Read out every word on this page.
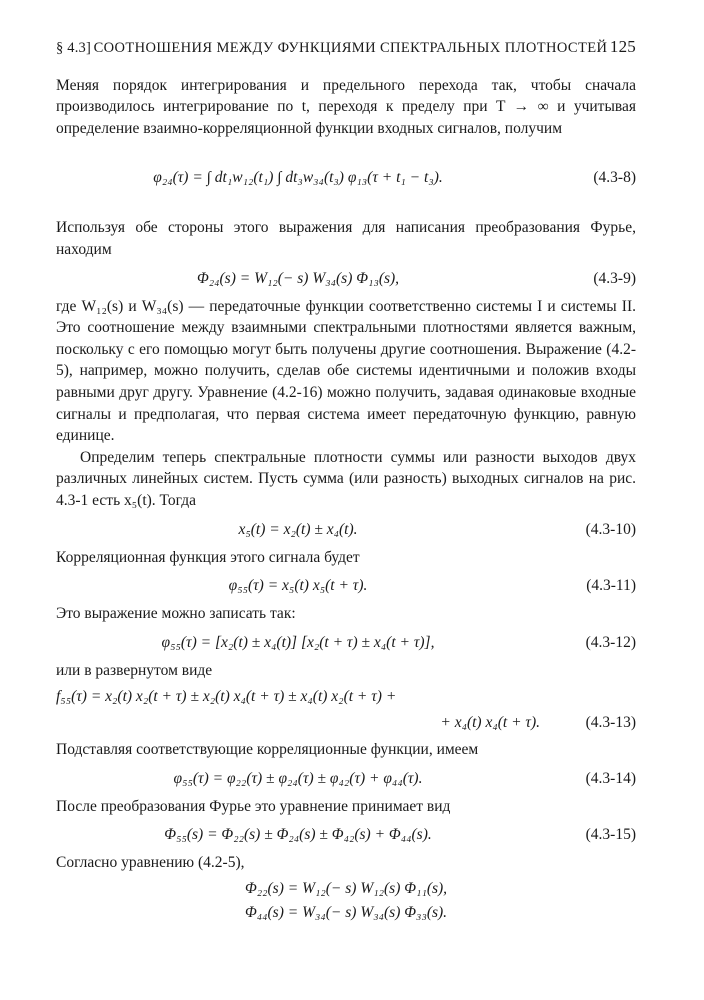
§ 4.3] СООТНОШЕНИЯ МЕЖДУ ФУНКЦИЯМИ СПЕКТРАЛЬНЫХ ПЛОТНОСТЕЙ 125

Меняя порядок интегрирования и предельного перехода так, чтобы сначала производилось интегрирование по t, переходя к пределу при T → ∞ и учитывая определение взаимно-корреляционной функции входных сигналов, получим

φ₂₄(τ) = ∫ dt₁w₁₂(t₁) ∫ dt₃w₃₄(t₃) φ₁₃(τ + t₁ − t₃).	(4.3-8)

Используя обе стороны этого выражения для написания преобразования Фурье, находим

Φ₂₄(s) = W₁₂(− s) W₃₄(s) Φ₁₃(s),	(4.3-9)

где W₁₂(s) и W₃₄(s) — передаточные функции соответственно системы I и системы II. Это соотношение между взаимными спектральными плотностями является важным, поскольку с его помощью могут быть получены другие соотношения. Выражение (4.2-5), например, можно получить, сделав обе системы идентичными и положив входы равными друг другу. Уравнение (4.2-16) можно получить, задавая одинаковые входные сигналы и предполагая, что первая система имеет передаточную функцию, равную единице.

Определим теперь спектральные плотности суммы или разности выходов двух различных линейных систем. Пусть сумма (или разность) выходных сигналов на рис. 4.3-1 есть x₅(t). Тогда

x₅(t) = x₂(t) ± x₄(t).	(4.3-10)

Корреляционная функция этого сигнала будет

φ₅₅(τ) = x₅(t) x₅(t + τ).	(4.3-11)

Это выражение можно записать так:

φ₅₅(τ) = [x₂(t) ± x₄(t)] [x₂(t + τ) ± x₄(t + τ)],	(4.3-12)

или в развернутом виде

f₅₅(τ) = x₂(t) x₂(t + τ) ± x₂(t) x₄(t + τ) ± x₄(t) x₂(t + τ) +
+ x₄(t) x₄(t + τ).	(4.3-13)

Подставляя соответствующие корреляционные функции, имеем

φ₅₅(τ) = φ₂₂(τ) ± φ₂₄(τ) ± φ₄₂(τ) + φ₄₄(τ).	(4.3-14)

После преобразования Фурье это уравнение принимает вид

Φ₅₅(s) = Φ₂₂(s) ± Φ₂₄(s) ± Φ₄₂(s) + Φ₄₄(s).	(4.3-15)

Согласно уравнению (4.2-5),

Φ₂₂(s) = W₁₂(− s) W₁₂(s) Φ₁₁(s),
Φ₄₄(s) = W₃₄(− s) W₃₄(s) Φ₃₃(s).
